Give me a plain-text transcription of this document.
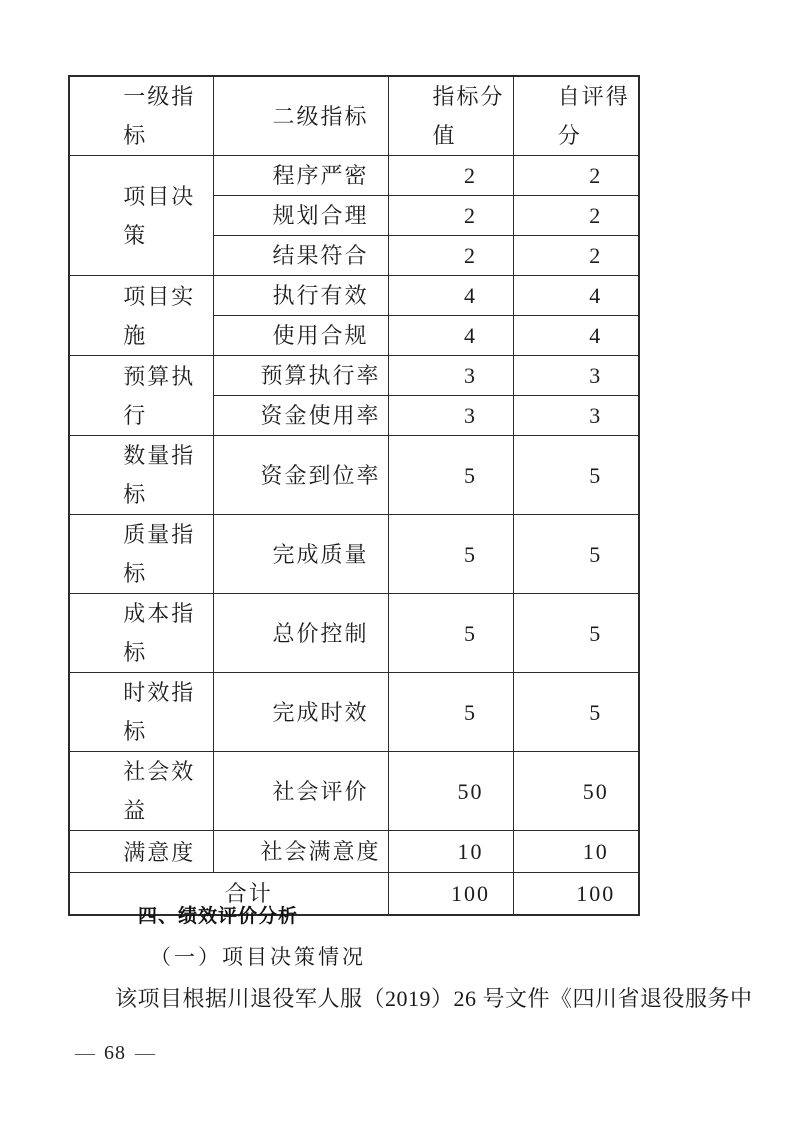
一级指标	二级指标	指标分值	自评得分
项目决策	程序严密	2	2
	规划合理	2	2
	结果符合	2	2
项目实施	执行有效	4	4
	使用合规	4	4
预算执行	预算执行率	3	3
	资金使用率	3	3
数量指标	资金到位率	5	5
质量指标	完成质量	5	5
成本指标	总价控制	5	5
时效指标	完成时效	5	5
社会效益	社会评价	50	50
满意度	社会满意度	10	10
合计		100	100
四、绩效评价分析
（一）项目决策情况

该项目根据川退役军人服（2019）26 号文件《四川省退役服务中

— 68 —
